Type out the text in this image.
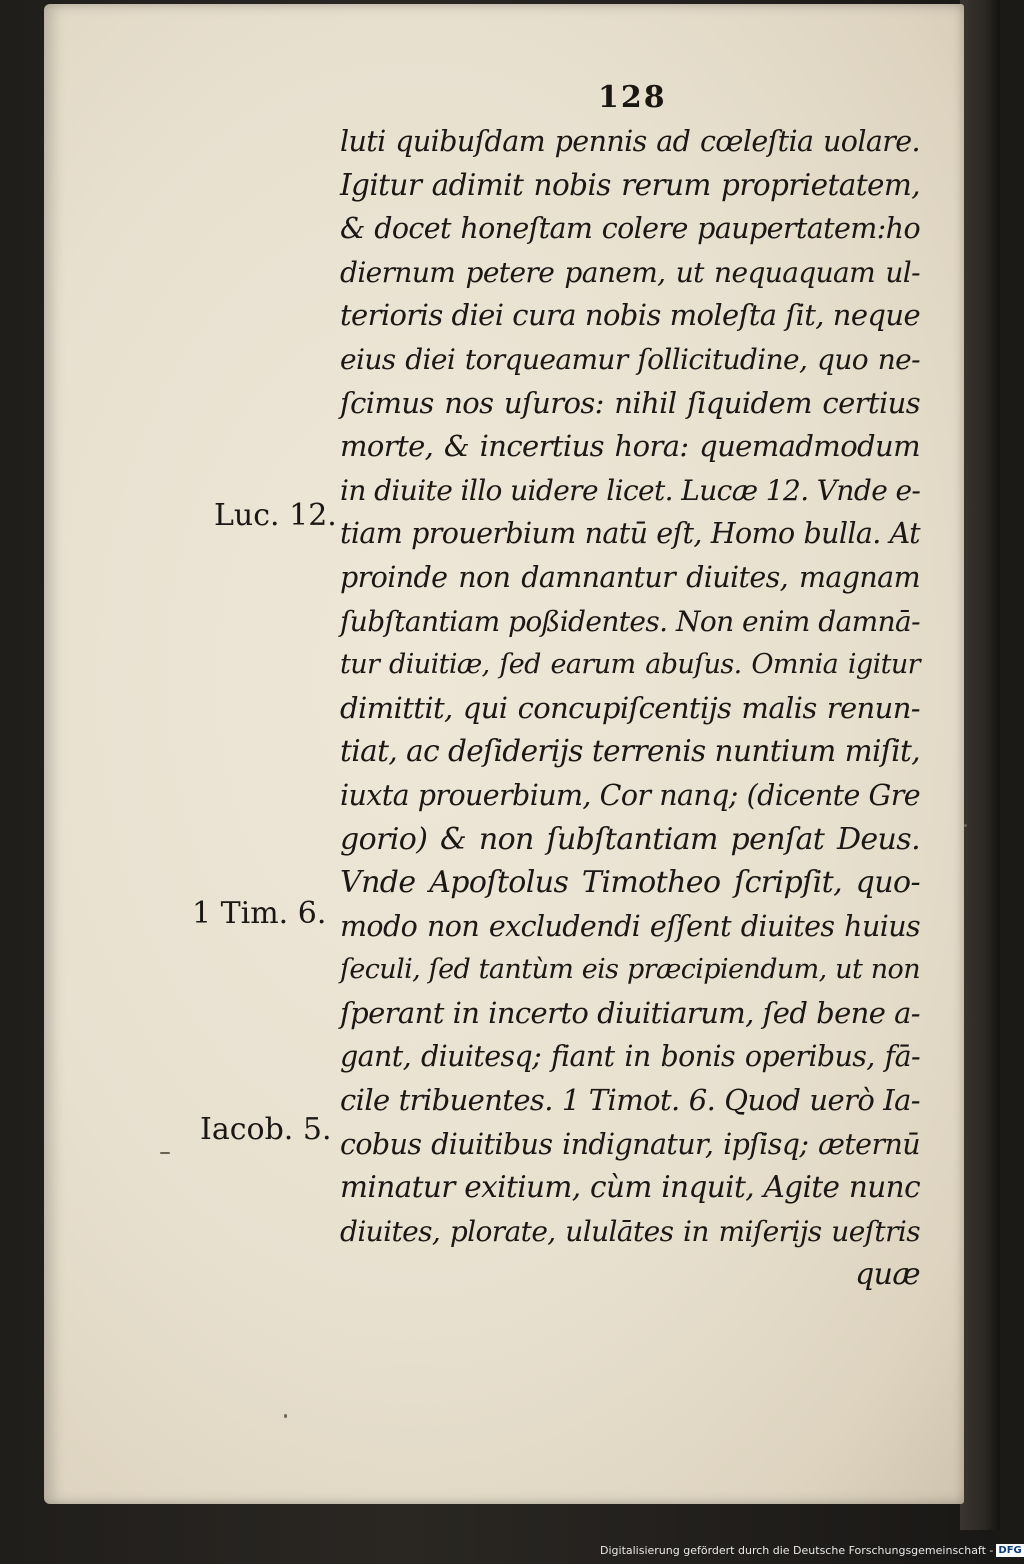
128
luti quibuſdam pennis ad cœleſtia uolare.
Igitur adimit nobis rerum proprietatem,
& docet honeſtam colere paupertatem:ho
diernum petere panem, ut nequaquam ul-
terioris diei cura nobis moleſta ſit, neque
eius diei torqueamur ſollicitudine, quo ne-
ſcimus nos uſuros: nihil ſiquidem certius
morte, & incertius hora: quemadmodum
in diuite illo uidere licet. Lucæ 12. Vnde e-
tiam prouerbium natū eſt, Homo bulla. At
proinde non damnantur diuites, magnam
ſubſtantiam poßidentes. Non enim damnā-
tur diuitiæ, ſed earum abuſus. Omnia igitur
dimittit, qui concupiſcentijs malis renun-
tiat, ac deſiderijs terrenis nuntium miſit,
iuxta prouerbium, Cor nanq; (dicente Gre
gorio) & non ſubſtantiam penſat Deus.
Vnde Apoſtolus Timotheo ſcripſit, quo-
modo non excludendi eſſent diuites huius
ſeculi, ſed tantùm eis præcipiendum, ut non
ſperant in incerto diuitiarum, ſed bene a-
gant, diuitesq; fiant in bonis operibus, fā-
cile tribuentes. 1 Timot. 6. Quod uerò Ia-
cobus diuitibus indignatur, ipſisq; æternū
minatur exitium, cùm inquit, Agite nunc
diuites, plorate, ululātes in miſerijs ueſtris
quæ
Luc. 12.
1 Tim. 6.
Iacob. 5.
Digitalisierung gefördert durch die Deutsche Forschungsgemeinschaft - DFG
